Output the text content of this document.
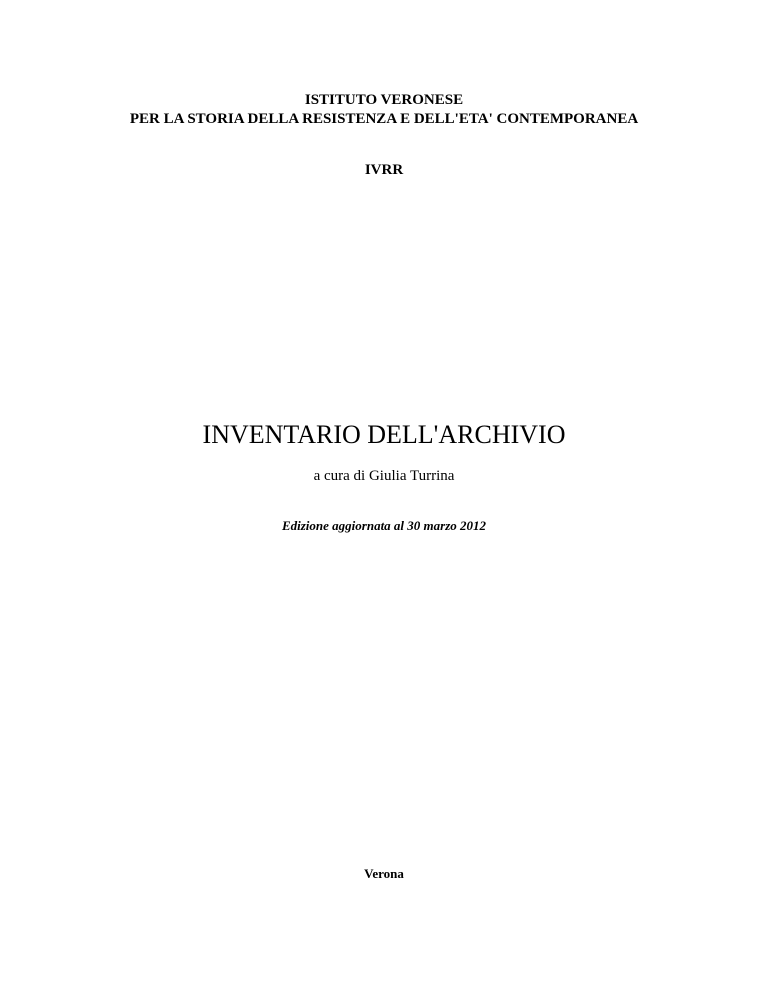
ISTITUTO VERONESE
PER LA STORIA DELLA RESISTENZA E DELL'ETA' CONTEMPORANEA
IVRR
INVENTARIO DELL'ARCHIVIO
a cura di Giulia Turrina
Edizione aggiornata al 30 marzo 2012
Verona
